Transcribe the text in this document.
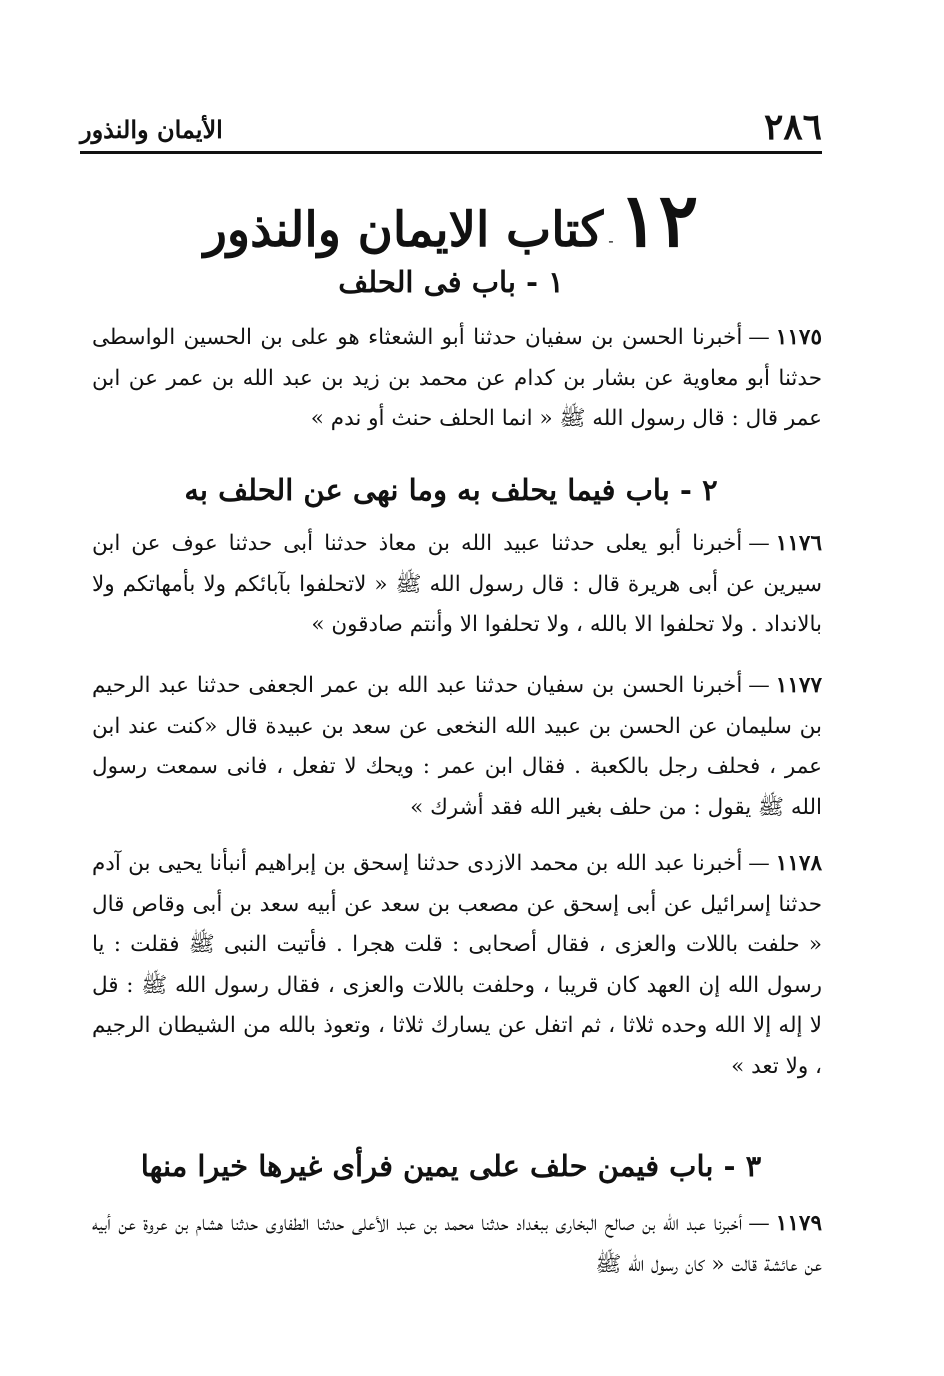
٢٨٦
الأيمان والنذور
١٢ - كتاب الايمان والنذور
١ - باب فى الحلف

١١٧٥—أخبرنا الحسن بن سفيان حدثنا أبو الشعثاء هو على بن الحسين الواسطى حدثنا أبو معاوية عن بشار بن كدام عن محمد بن زيد بن عبد الله بن عمر عن ابن عمر قال : قال رسول الله ﷺ « انما الحلف حنث أو ندم »

٢ - باب فيما يحلف به وما نهى عن الحلف به

١١٧٦—أخبرنا أبو يعلى حدثنا عبيد الله بن معاذ حدثنا أبى حدثنا عوف عن ابن سيرين عن أبى هريرة قال : قال رسول الله ﷺ « لاتحلفوا بآبائكم ولا بأمهاتكم ولا بالانداد . ولا تحلفوا الا بالله ، ولا تحلفوا الا وأنتم صادقون »

١١٧٧—أخبرنا الحسن بن سفيان حدثنا عبد الله بن عمر الجعفى حدثنا عبد الرحيم بن سليمان عن الحسن بن عبيد الله النخعى عن سعد بن عبيدة قال «كنت عند ابن عمر ، فحلف رجل بالكعبة . فقال ابن عمر : ويحك لا تفعل ، فانى سمعت رسول الله ﷺ يقول : من حلف بغير الله فقد أشرك »

١١٧٨—أخبرنا عبد الله بن محمد الازدى حدثنا إسحق بن إبراهيم أنبأنا يحيى بن آدم حدثنا إسرائيل عن أبى إسحق عن مصعب بن سعد عن أبيه سعد بن أبى وقاص قال « حلفت باللات والعزى ، فقال أصحابى : قلت هجرا . فأتيت النبى ﷺ فقلت : يا رسول الله إن العهد كان قريبا ، وحلفت باللات والعزى ، فقال رسول الله ﷺ : قل لا إله إلا الله وحده ثلاثا ، ثم اتفل عن يسارك ثلاثا ، وتعوذ بالله من الشيطان الرجيم ، ولا تعد »

٣ - باب فيمن حلف على يمين فرأى غيرها خيرا منها

١١٧٩—أخبرنا عبد الله بن صالح البخارى ببغداد حدثنا محمد بن عبد الأعلى حدثنا الطفاوى حدثنا هشام بن عروة عن أبيه عن عائشة قالت « كان رسول الله ﷺ
